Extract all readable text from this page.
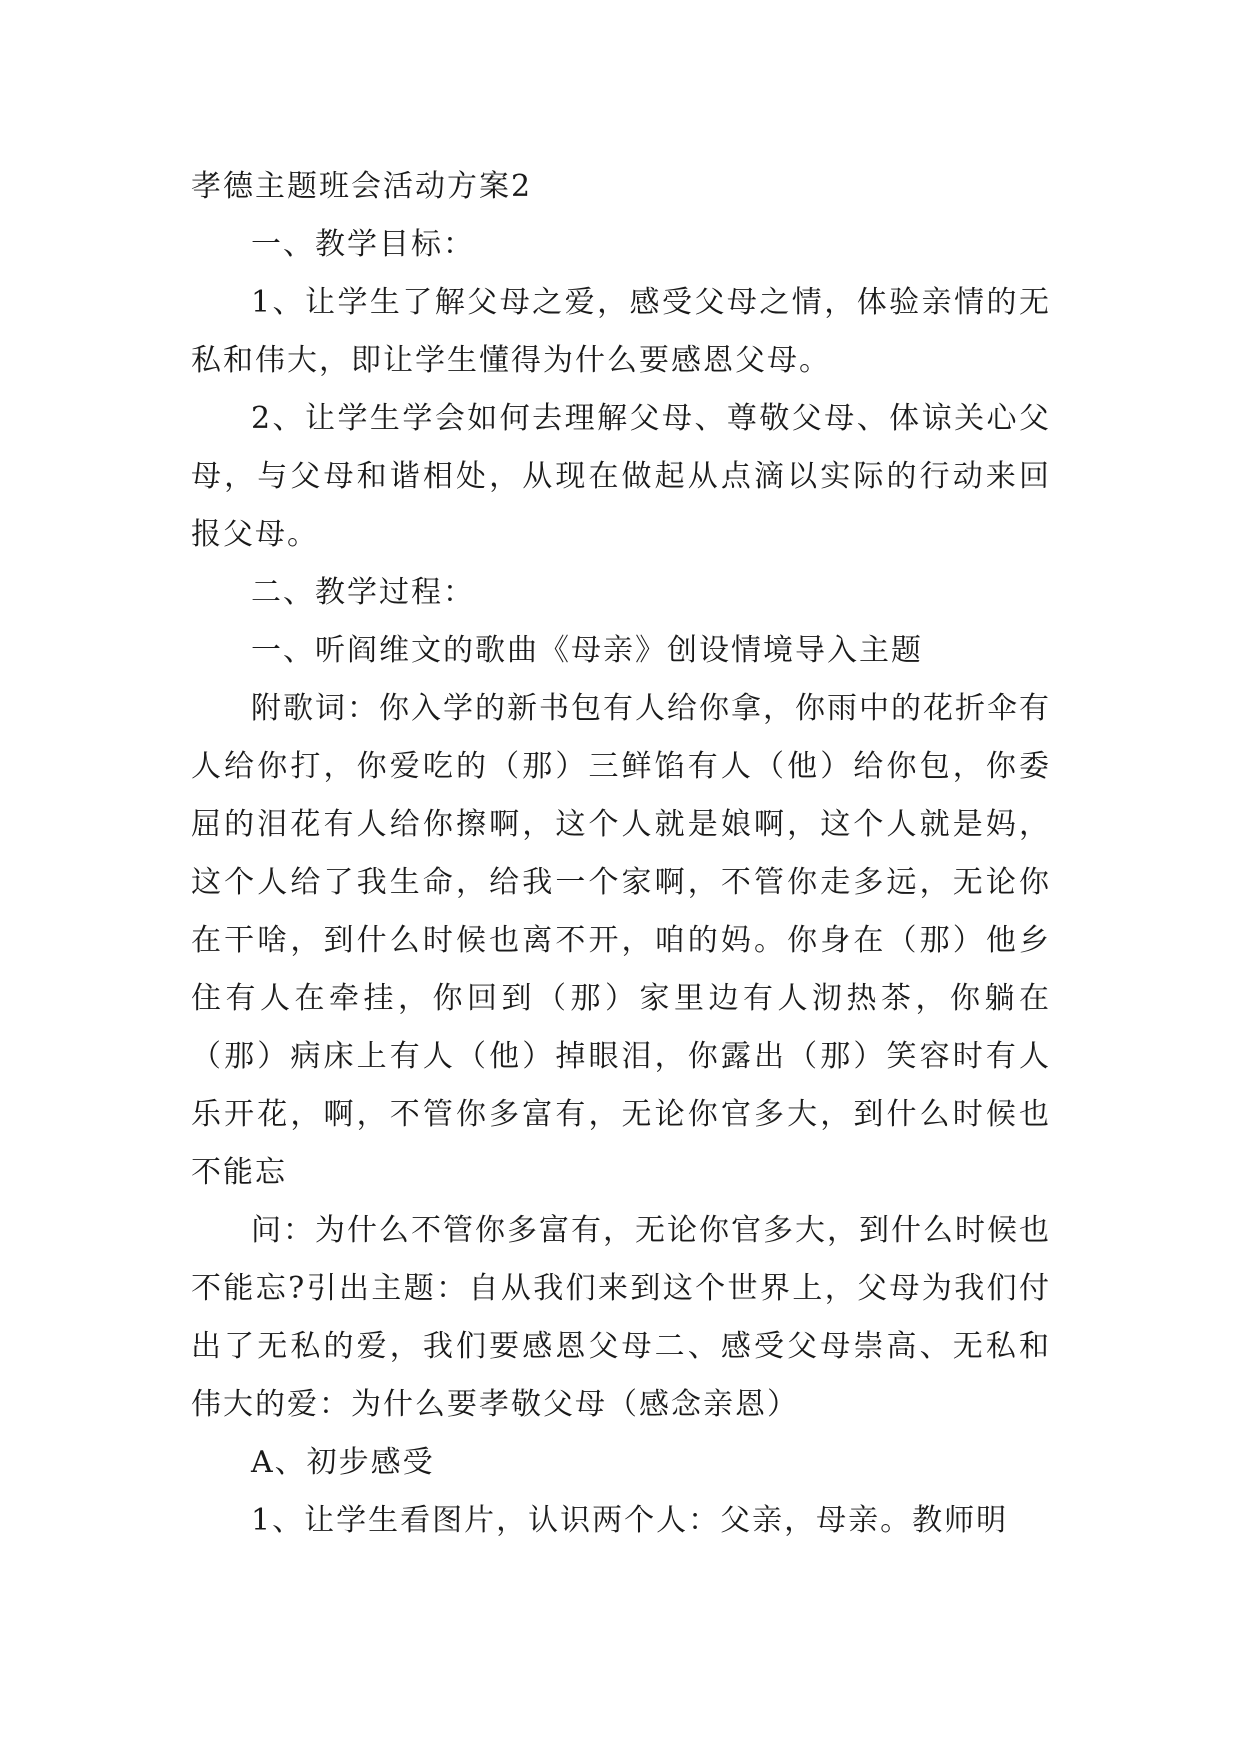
孝德主题班会活动方案2

一、教学目标：

1、让学生了解父母之爱，感受父母之情，体验亲情的无私和伟大，即让学生懂得为什么要感恩父母。

2、让学生学会如何去理解父母、尊敬父母、体谅关心父母，与父母和谐相处，从现在做起从点滴以实际的行动来回报父母。

二、教学过程：

一、听阎维文的歌曲《母亲》创设情境导入主题

附歌词：你入学的新书包有人给你拿，你雨中的花折伞有人给你打，你爱吃的（那）三鲜馅有人（他）给你包，你委屈的泪花有人给你擦啊，这个人就是娘啊，这个人就是妈，这个人给了我生命，给我一个家啊，不管你走多远，无论你在干啥，到什么时候也离不开，咱的妈。你身在（那）他乡住有人在牵挂，你回到（那）家里边有人沏热茶，你躺在（那）病床上有人（他）掉眼泪，你露出（那）笑容时有人乐开花，啊，不管你多富有，无论你官多大，到什么时候也不能忘

问：为什么不管你多富有，无论你官多大，到什么时候也不能忘?引出主题：自从我们来到这个世界上，父母为我们付出了无私的爱，我们要感恩父母二、感受父母崇高、无私和伟大的爱：为什么要孝敬父母（感念亲恩）

A、初步感受

1、让学生看图片，认识两个人：父亲，母亲。教师明
